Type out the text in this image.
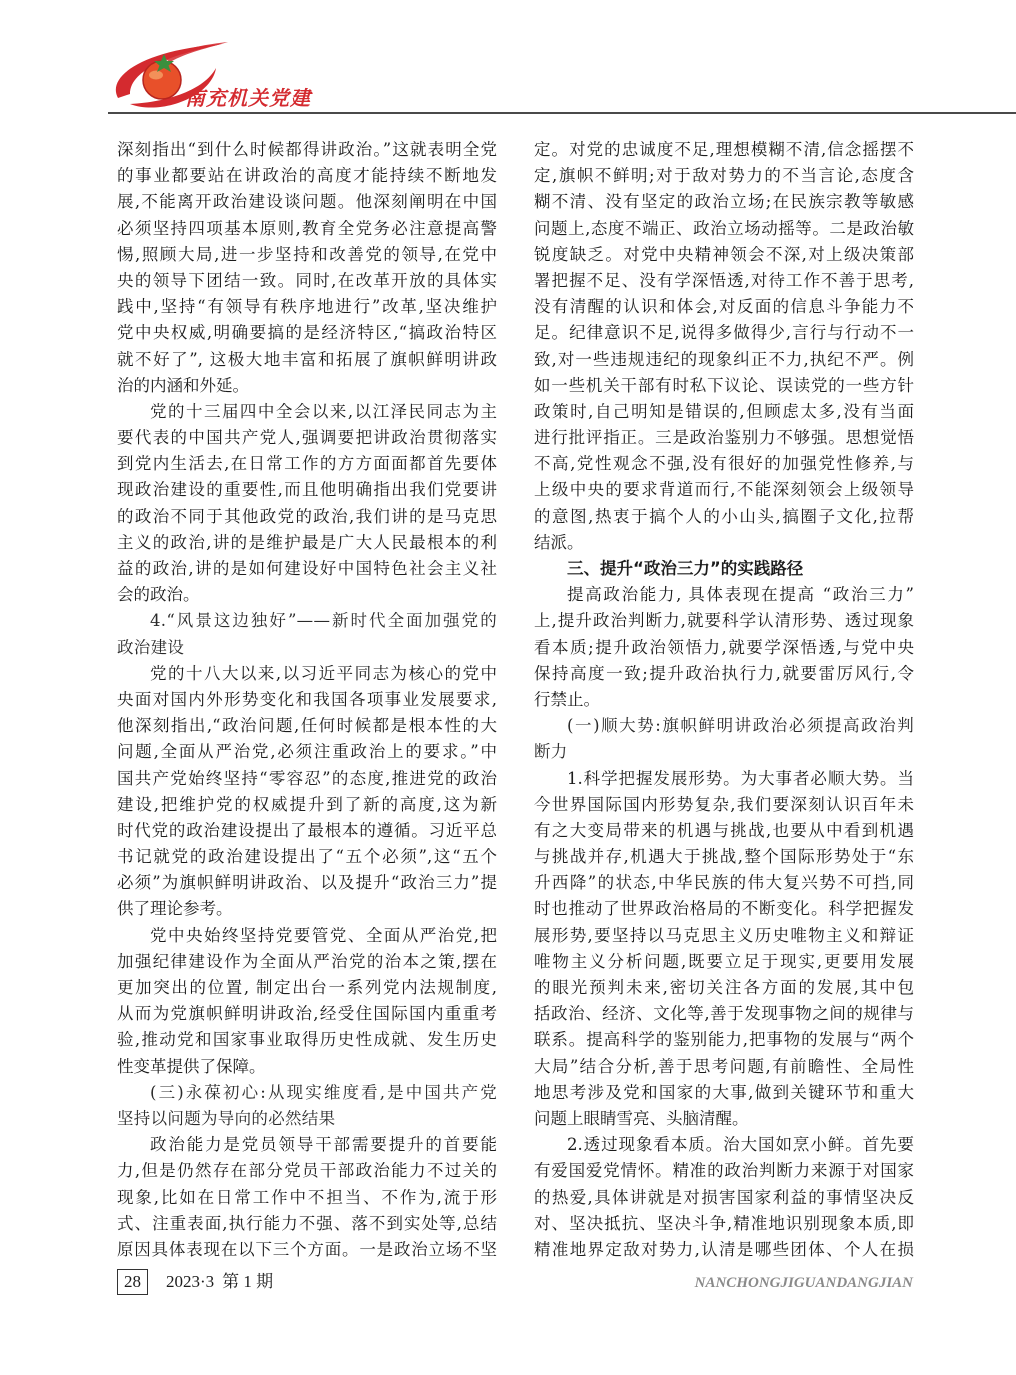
南充机关党建
深刻指出“到什么时候都得讲政治。”这就表明全党
的事业都要站在讲政治的高度才能持续不断地发
展,不能离开政治建设谈问题。他深刻阐明在中国
必须坚持四项基本原则,教育全党务必注意提高警
惕,照顾大局,进一步坚持和改善党的领导,在党中
央的领导下团结一致。同时,在改革开放的具体实
践中,坚持“有领导有秩序地进行”改革,坚决维护
党中央权威,明确要搞的是经济特区,“搞政治特区
就不好了”, 这极大地丰富和拓展了旗帜鲜明讲政
治的内涵和外延。
党的十三届四中全会以来,以江泽民同志为主
要代表的中国共产党人,强调要把讲政治贯彻落实
到党内生活去,在日常工作的方方面面都首先要体
现政治建设的重要性,而且他明确指出我们党要讲
的政治不同于其他政党的政治,我们讲的是马克思
主义的政治,讲的是维护最是广大人民最根本的利
益的政治,讲的是如何建设好中国特色社会主义社
会的政治。
4.“风景这边独好”——新时代全面加强党的
政治建设
党的十八大以来,以习近平同志为核心的党中
央面对国内外形势变化和我国各项事业发展要求,
他深刻指出,“政治问题,任何时候都是根本性的大
问题,全面从严治党,必须注重政治上的要求。”中
国共产党始终坚持“零容忍”的态度,推进党的政治
建设,把维护党的权威提升到了新的高度,这为新
时代党的政治建设提出了最根本的遵循。习近平总
书记就党的政治建设提出了“五个必须”,这“五个
必须”为旗帜鲜明讲政治、以及提升“政治三力”提
供了理论参考。
党中央始终坚持党要管党、全面从严治党,把
加强纪律建设作为全面从严治党的治本之策,摆在
更加突出的位置, 制定出台一系列党内法规制度,
从而为党旗帜鲜明讲政治,经受住国际国内重重考
验,推动党和国家事业取得历史性成就、发生历史
性变革提供了保障。
(三)永葆初心:从现实维度看,是中国共产党
坚持以问题为导向的必然结果
政治能力是党员领导干部需要提升的首要能
力,但是仍然存在部分党员干部政治能力不过关的
现象,比如在日常工作中不担当、不作为,流于形
式、注重表面,执行能力不强、落不到实处等,总结
原因具体表现在以下三个方面。一是政治立场不坚
定。对党的忠诚度不足,理想模糊不清,信念摇摆不
定,旗帜不鲜明;对于敌对势力的不当言论,态度含
糊不清、没有坚定的政治立场;在民族宗教等敏感
问题上,态度不端正、政治立场动摇等。二是政治敏
锐度缺乏。对党中央精神领会不深,对上级决策部
署把握不足、没有学深悟透,对待工作不善于思考,
没有清醒的认识和体会,对反面的信息斗争能力不
足。纪律意识不足,说得多做得少,言行与行动不一
致,对一些违规违纪的现象纠正不力,执纪不严。例
如一些机关干部有时私下议论、误读党的一些方针
政策时,自己明知是错误的,但顾虑太多,没有当面
进行批评指正。三是政治鉴别力不够强。思想觉悟
不高,党性观念不强,没有很好的加强党性修养,与
上级中央的要求背道而行,不能深刻领会上级领导
的意图,热衷于搞个人的小山头,搞圈子文化,拉帮
结派。
三、提升“政治三力”的实践路径
提高政治能力, 具体表现在提高 “政治三力”
上,提升政治判断力,就要科学认清形势、透过现象
看本质;提升政治领悟力,就要学深悟透,与党中央
保持高度一致;提升政治执行力,就要雷厉风行,令
行禁止。
(一)顺大势:旗帜鲜明讲政治必须提高政治判
断力
1.科学把握发展形势。为大事者必顺大势。当
今世界国际国内形势复杂,我们要深刻认识百年未
有之大变局带来的机遇与挑战,也要从中看到机遇
与挑战并存,机遇大于挑战,整个国际形势处于“东
升西降”的状态,中华民族的伟大复兴势不可挡,同
时也推动了世界政治格局的不断变化。科学把握发
展形势,要坚持以马克思主义历史唯物主义和辩证
唯物主义分析问题,既要立足于现实,更要用发展
的眼光预判未来,密切关注各方面的发展,其中包
括政治、经济、文化等,善于发现事物之间的规律与
联系。提高科学的鉴别能力,把事物的发展与“两个
大局”结合分析,善于思考问题,有前瞻性、全局性
地思考涉及党和国家的大事,做到关键环节和重大
问题上眼睛雪亮、头脑清醒。
2.透过现象看本质。治大国如烹小鲜。首先要
有爱国爱党情怀。精准的政治判断力来源于对国家
的热爱,具体讲就是对损害国家利益的事情坚决反
对、坚决抵抗、坚决斗争,精准地识别现象本质,即
精准地界定敌对势力,认清是哪些团体、个人在损
28	2023·3 第 1 期	NANCHONGJIGUANDANGJIAN
